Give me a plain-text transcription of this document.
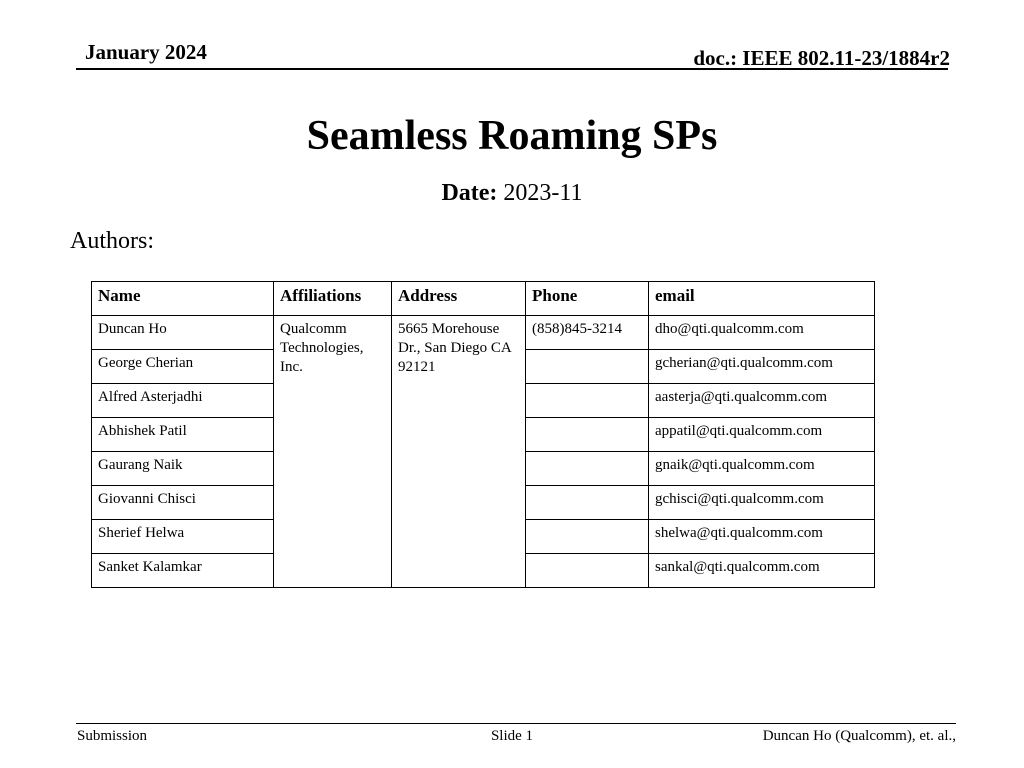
January 2024	doc.: IEEE 802.11-23/1884r2
Seamless Roaming SPs
Date: 2023-11
Authors:
Name	Affiliations	Address	Phone	email
Duncan Ho	Qualcomm Technologies, Inc.	5665 Morehouse Dr., San Diego CA 92121	(858)845-3214	dho@qti.qualcomm.com
George Cherian				gcherian@qti.qualcomm.com
Alfred Asterjadhi				aasterja@qti.qualcomm.com
Abhishek Patil				appatil@qti.qualcomm.com
Gaurang Naik				gnaik@qti.qualcomm.com
Giovanni Chisci				gchisci@qti.qualcomm.com
Sherief Helwa				shelwa@qti.qualcomm.com
Sanket Kalamkar				sankal@qti.qualcomm.com
Submission	Slide 1	Duncan Ho (Qualcomm), et. al.,
